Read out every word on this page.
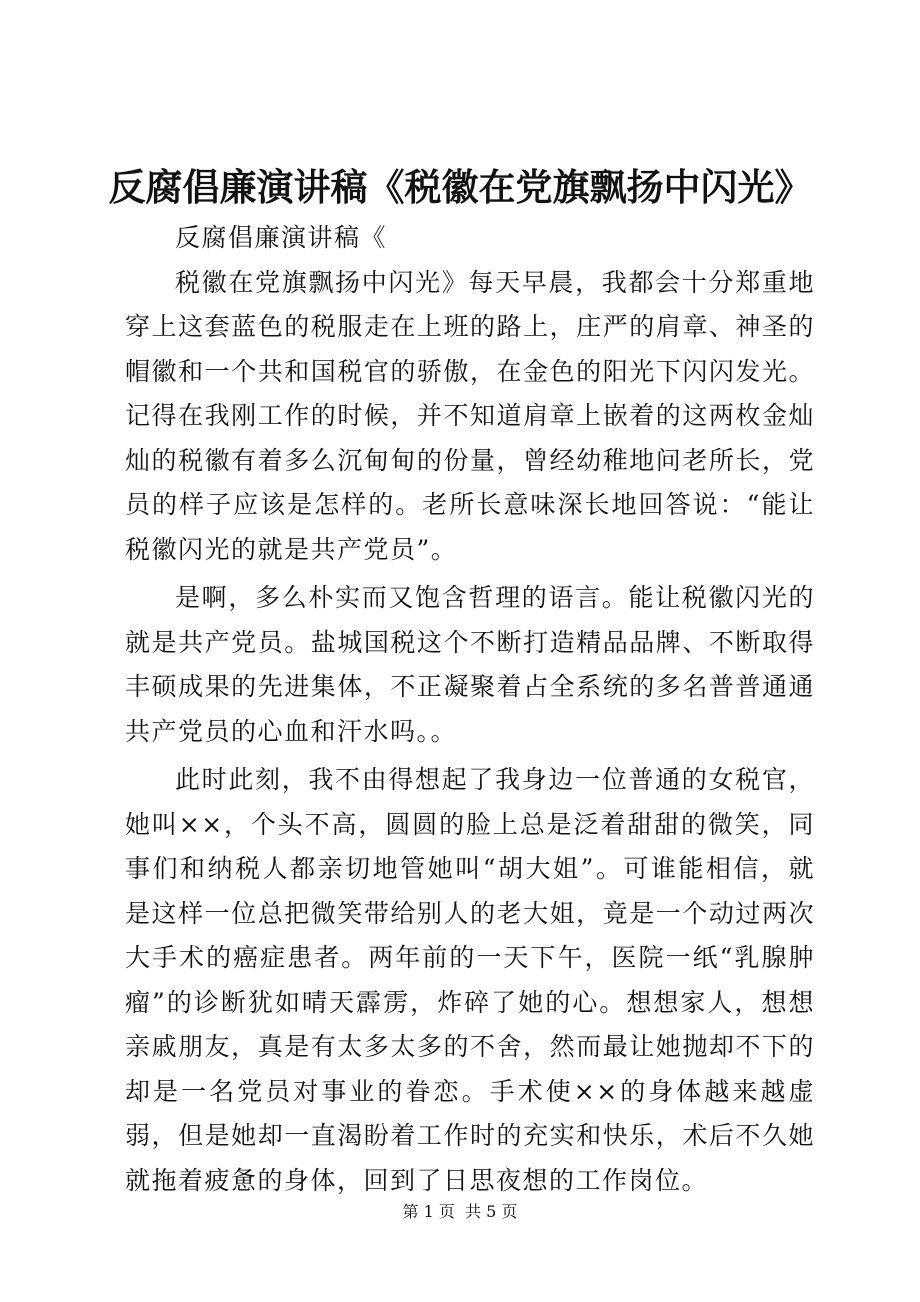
反腐倡廉演讲稿《税徽在党旗飘扬中闪光》

反腐倡廉演讲稿《

税徽在党旗飘扬中闪光》每天早晨，我都会十分郑重地穿上这套蓝色的税服走在上班的路上，庄严的肩章、神圣的帽徽和一个共和国税官的骄傲，在金色的阳光下闪闪发光。记得在我刚工作的时候，并不知道肩章上嵌着的这两枚金灿灿的税徽有着多么沉甸甸的份量，曾经幼稚地问老所长，党员的样子应该是怎样的。老所长意味深长地回答说：“能让税徽闪光的就是共产党员”。

是啊，多么朴实而又饱含哲理的语言。能让税徽闪光的就是共产党员。盐城国税这个不断打造精品品牌、不断取得丰硕成果的先进集体，不正凝聚着占全系统的多名普普通通共产党员的心血和汗水吗。。

此时此刻，我不由得想起了我身边一位普通的女税官，她叫××，个头不高，圆圆的脸上总是泛着甜甜的微笑，同事们和纳税人都亲切地管她叫“胡大姐”。可谁能相信，就是这样一位总把微笑带给别人的老大姐，竟是一个动过两次大手术的癌症患者。两年前的一天下午，医院一纸“乳腺肿瘤”的诊断犹如晴天霹雳，炸碎了她的心。想想家人，想想亲戚朋友，真是有太多太多的不舍，然而最让她抛却不下的却是一名党员对事业的眷恋。手术使××的身体越来越虚弱，但是她却一直渴盼着工作时的充实和快乐，术后不久她就拖着疲惫的身体，回到了日思夜想的工作岗位。

第 1 页  共 5 页
